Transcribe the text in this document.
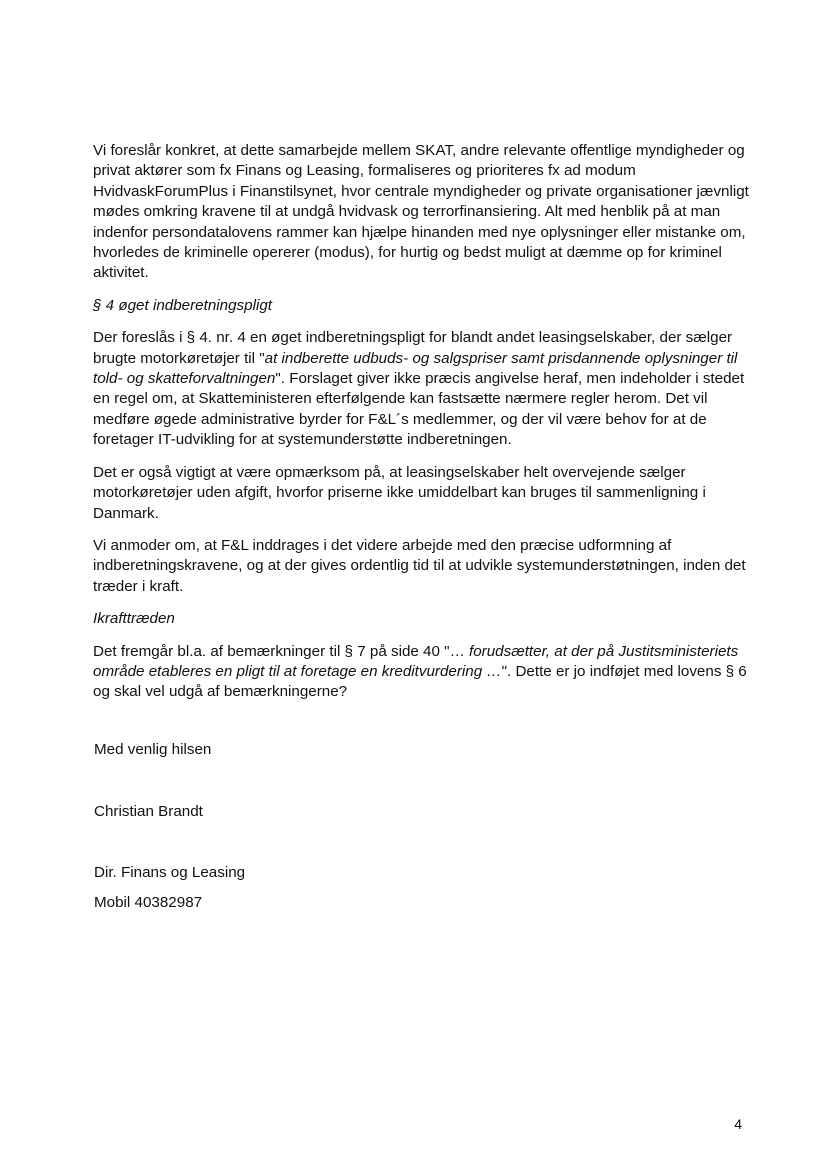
Vi foreslår konkret, at dette samarbejde mellem SKAT, andre relevante offentlige myndigheder og privat aktører som fx Finans og Leasing, formaliseres og prioriteres fx ad modum HvidvaskForumPlus i Finanstilsynet, hvor centrale myndigheder og private organisationer jævnligt mødes omkring kravene til at undgå hvidvask og terrorfinansiering. Alt med henblik på at man indenfor persondatalovens rammer kan hjælpe hinanden med nye oplysninger eller mistanke om, hvorledes de kriminelle opererer (modus), for hurtig og bedst muligt at dæmme op for kriminel aktivitet.

§ 4 øget indberetningspligt

Der foreslås i § 4. nr. 4 en øget indberetningspligt for blandt andet leasingselskaber, der sælger brugte motorkøretøjer til "at indberette udbuds- og salgspriser samt prisdannende oplysninger til told- og skatteforvaltningen". Forslaget giver ikke præcis angivelse heraf, men indeholder i stedet en regel om, at Skatteministeren efterfølgende kan fastsætte nærmere regler herom. Det vil medføre øgede administrative byrder for F&L´s medlemmer, og der vil være behov for at de foretager IT-udvikling for at systemunderstøtte indberetningen.

Det er også vigtigt at være opmærksom på, at leasingselskaber helt overvejende sælger motorkøretøjer uden afgift, hvorfor priserne ikke umiddelbart kan bruges til sammenligning i Danmark.

Vi anmoder om, at F&L inddrages i det videre arbejde med den præcise udformning af indberetningskravene, og at der gives ordentlig tid til at udvikle systemunderstøtningen, inden det træder i kraft.

Ikrafttræden

Det fremgår bl.a. af bemærkninger til § 7 på side 40 "… forudsætter, at der på Justitsministeriets område etableres en pligt til at foretage en kreditvurdering …". Dette er jo indføjet med lovens § 6 og skal vel udgå af bemærkningerne?

Med venlig hilsen

Christian Brandt

Dir. Finans og Leasing

Mobil 40382987

4
